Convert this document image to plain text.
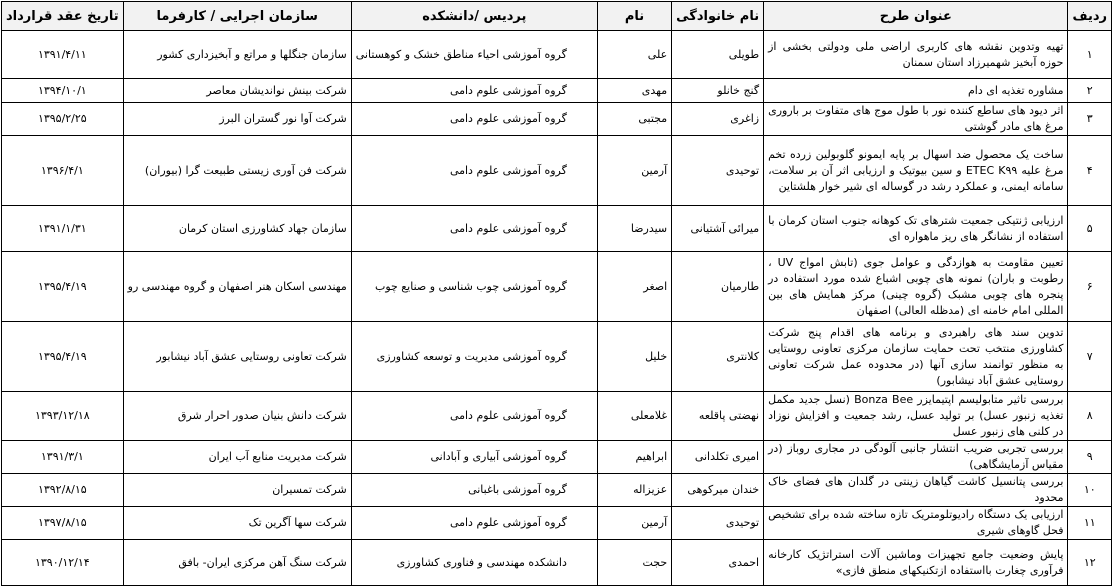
ردیف	عنوان طرح	نام خانوادگی	نام	پردیس /دانشکده	سازمان اجرایی / کارفرما	تاریخ عقد قرارداد
۱	تهیه وتدوین نقشه های کاربری اراضی ملی ودولتی بخشی از حوزه آبخیز شهمیرزاد استان سمنان	طویلی	علی	گروه آموزشی احیاء مناطق خشک و کوهستانی	سازمان جنگلها و مراتع و آبخیزداری کشور	۱۳۹۱/۴/۱۱
۲	مشاوره تغذیه ای دام	گنج خانلو	مهدی	گروه آموزشی علوم دامی	شرکت بینش نواندیشان معاصر	۱۳۹۴/۱۰/۱
۳	اثر دیود های ساطع کننده نور با طول موج های متفاوت بر باروری مرغ های مادر گوشتی	زاغری	مجتبی	گروه آموزشی علوم دامی	شرکت آوا نور گستران البرز	۱۳۹۵/۲/۲۵
۴	ساخت یک محصول ضد اسهال بر پایه ایمونو گلوبولین زرده تخم مرغ علیه ETEC K۹۹ و سین بیوتیک و ارزیابی اثر آن بر سلامت، سامانه ایمنی، و عملکرد رشد در گوساله ای شیر خوار هلشتاین	توحیدی	آرمین	گروه آموزشی علوم دامی	شرکت فن آوری زیستی طبیعت گرا (بیوران)	۱۳۹۶/۴/۱
۵	ارزیابی ژنتیکی جمعیت شترهای تک کوهانه جنوب استان کرمان با استفاده از نشانگر های ریز ماهواره ای	میرائی آشتیانی	سیدرضا	گروه آموزشی علوم دامی	سازمان جهاد کشاورزی استان کرمان	۱۳۹۱/۱/۳۱
۶	تعیین مقاومت به هوازدگی و عوامل جوی (تابش امواج UV ، رطوبت و باران) نمونه های چوبی اشباع شده مورد استفاده در پنجره های چوبی مشبک (گروه چینی) مرکز همایش های بین المللی امام خامنه ای (مدظله العالی) اصفهان	طارمیان	اصغر	گروه آموزشی چوب شناسی و صنایع چوب	مهندسی اسکان هنر اصفهان و گروه مهندسی رو	۱۳۹۵/۴/۱۹
۷	تدوین سند های راهبردی و برنامه های اقدام پنج شرکت کشاورزی منتخب تحت حمایت سازمان مرکزی تعاونی روستایی به منظور توانمند سازی آنها (در محدوده عمل شرکت تعاونی روستایی عشق آباد نیشابور)	کلانتری	خلیل	گروه آموزشی مدیریت و توسعه کشاورزی	شرکت تعاونی روستایی عشق آباد نیشابور	۱۳۹۵/۴/۱۹
۸	بررسی تاثیر متابولیسم اپتیمایزر Bonza Bee (نسل جدید مکمل تغذیه زنبور عسل) بر تولید عسل، رشد جمعیت و افزایش نوزاد در کلنی های زنبور عسل	نهضتی پاقلعه	غلامعلی	گروه آموزشی علوم دامی	شرکت دانش بنیان صدور احرار شرق	۱۳۹۳/۱۲/۱۸
۹	بررسی تجربی ضریب انتشار جانبی آلودگی در مجاری روباز (در مقیاس آزمایشگاهی)	امیری تکلدانی	ابراهیم	گروه آموزشی آبیاری و آبادانی	شرکت مدیریت منابع آب ایران	۱۳۹۱/۳/۱
۱۰	بررسی پتانسیل کاشت گیاهان زینتی در گلدان های فضای خاک محدود	خندان میرکوهی	عزیزاله	گروه آموزشی باغبانی	شرکت تمسیران	۱۳۹۲/۸/۱۵
۱۱	ارزیابی یک دستگاه رادیوتلومتریک تازه ساخته شده برای تشخیص فحل گاوهای شیری	توحیدی	آرمین	گروه آموزشی علوم دامی	شرکت سها آگرین تک	۱۳۹۷/۸/۱۵
۱۲	پایش وضعیت جامع تجهیزات وماشین آلات استراتژیک کارخانه فرآوری چغارت بااستفاده ازتکنیکهای منطق فازی»	احمدی	حجت	دانشکده مهندسی و فناوری کشاورزی	شرکت سنگ آهن مرکزی ایران- بافق	۱۳۹۰/۱۲/۱۴
